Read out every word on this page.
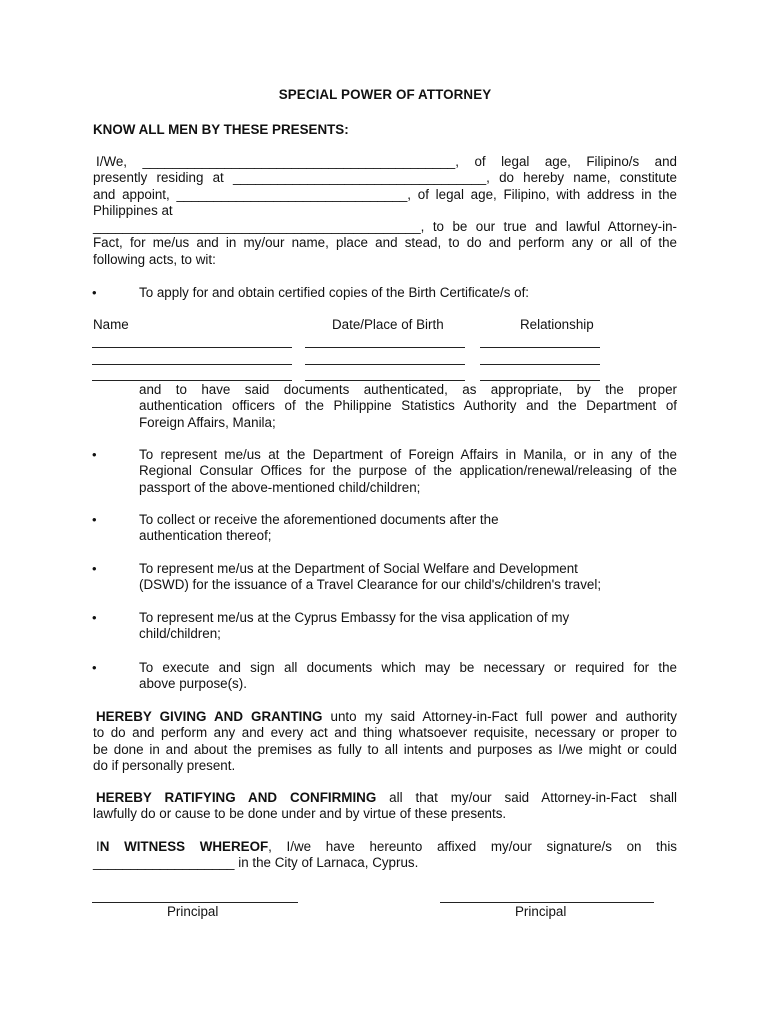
SPECIAL POWER OF ATTORNEY
KNOW ALL MEN BY THESE PRESENTS:
I/We, __________________________________________, of legal age, Filipino/s and
presently residing at __________________________________, do hereby name, constitute
and appoint, _______________________________, of legal age, Filipino, with address in the
Philippines at
____________________________________________, to be our true and lawful Attorney-in-
Fact, for me/us and in my/our name, place and stead, to do and perform any or all of the
following acts, to wit:
•	To apply for and obtain certified copies of the Birth Certificate/s of:
Name	Date/Place of Birth	Relationship
and to have said documents authenticated, as appropriate, by the proper
authentication officers of the Philippine Statistics Authority and the Department of
Foreign Affairs, Manila;
•	To represent me/us at the Department of Foreign Affairs in Manila, or in any of the
Regional Consular Offices for the purpose of the application/renewal/releasing of the
passport of the above-mentioned child/children;
•	To collect or receive the aforementioned documents after the
authentication thereof;
•	To represent me/us at the Department of Social Welfare and Development
(DSWD) for the issuance of a Travel Clearance for our child's/children's travel;
•	To represent me/us at the Cyprus Embassy for the visa application of my
child/children;
•	To execute and sign all documents which may be necessary or required for the
above purpose(s).
HEREBY GIVING AND GRANTING unto my said Attorney-in-Fact full power and authority
to do and perform any and every act and thing whatsoever requisite, necessary or proper to
be done in and about the premises as fully to all intents and purposes as I/we might or could
do if personally present.
HEREBY RATIFYING AND CONFIRMING all that my/our said Attorney-in-Fact shall
lawfully do or cause to be done under and by virtue of these presents.
IN WITNESS WHEREOF, I/we have hereunto affixed my/our signature/s on this
___________________ in the City of Larnaca, Cyprus.
Principal	Principal
